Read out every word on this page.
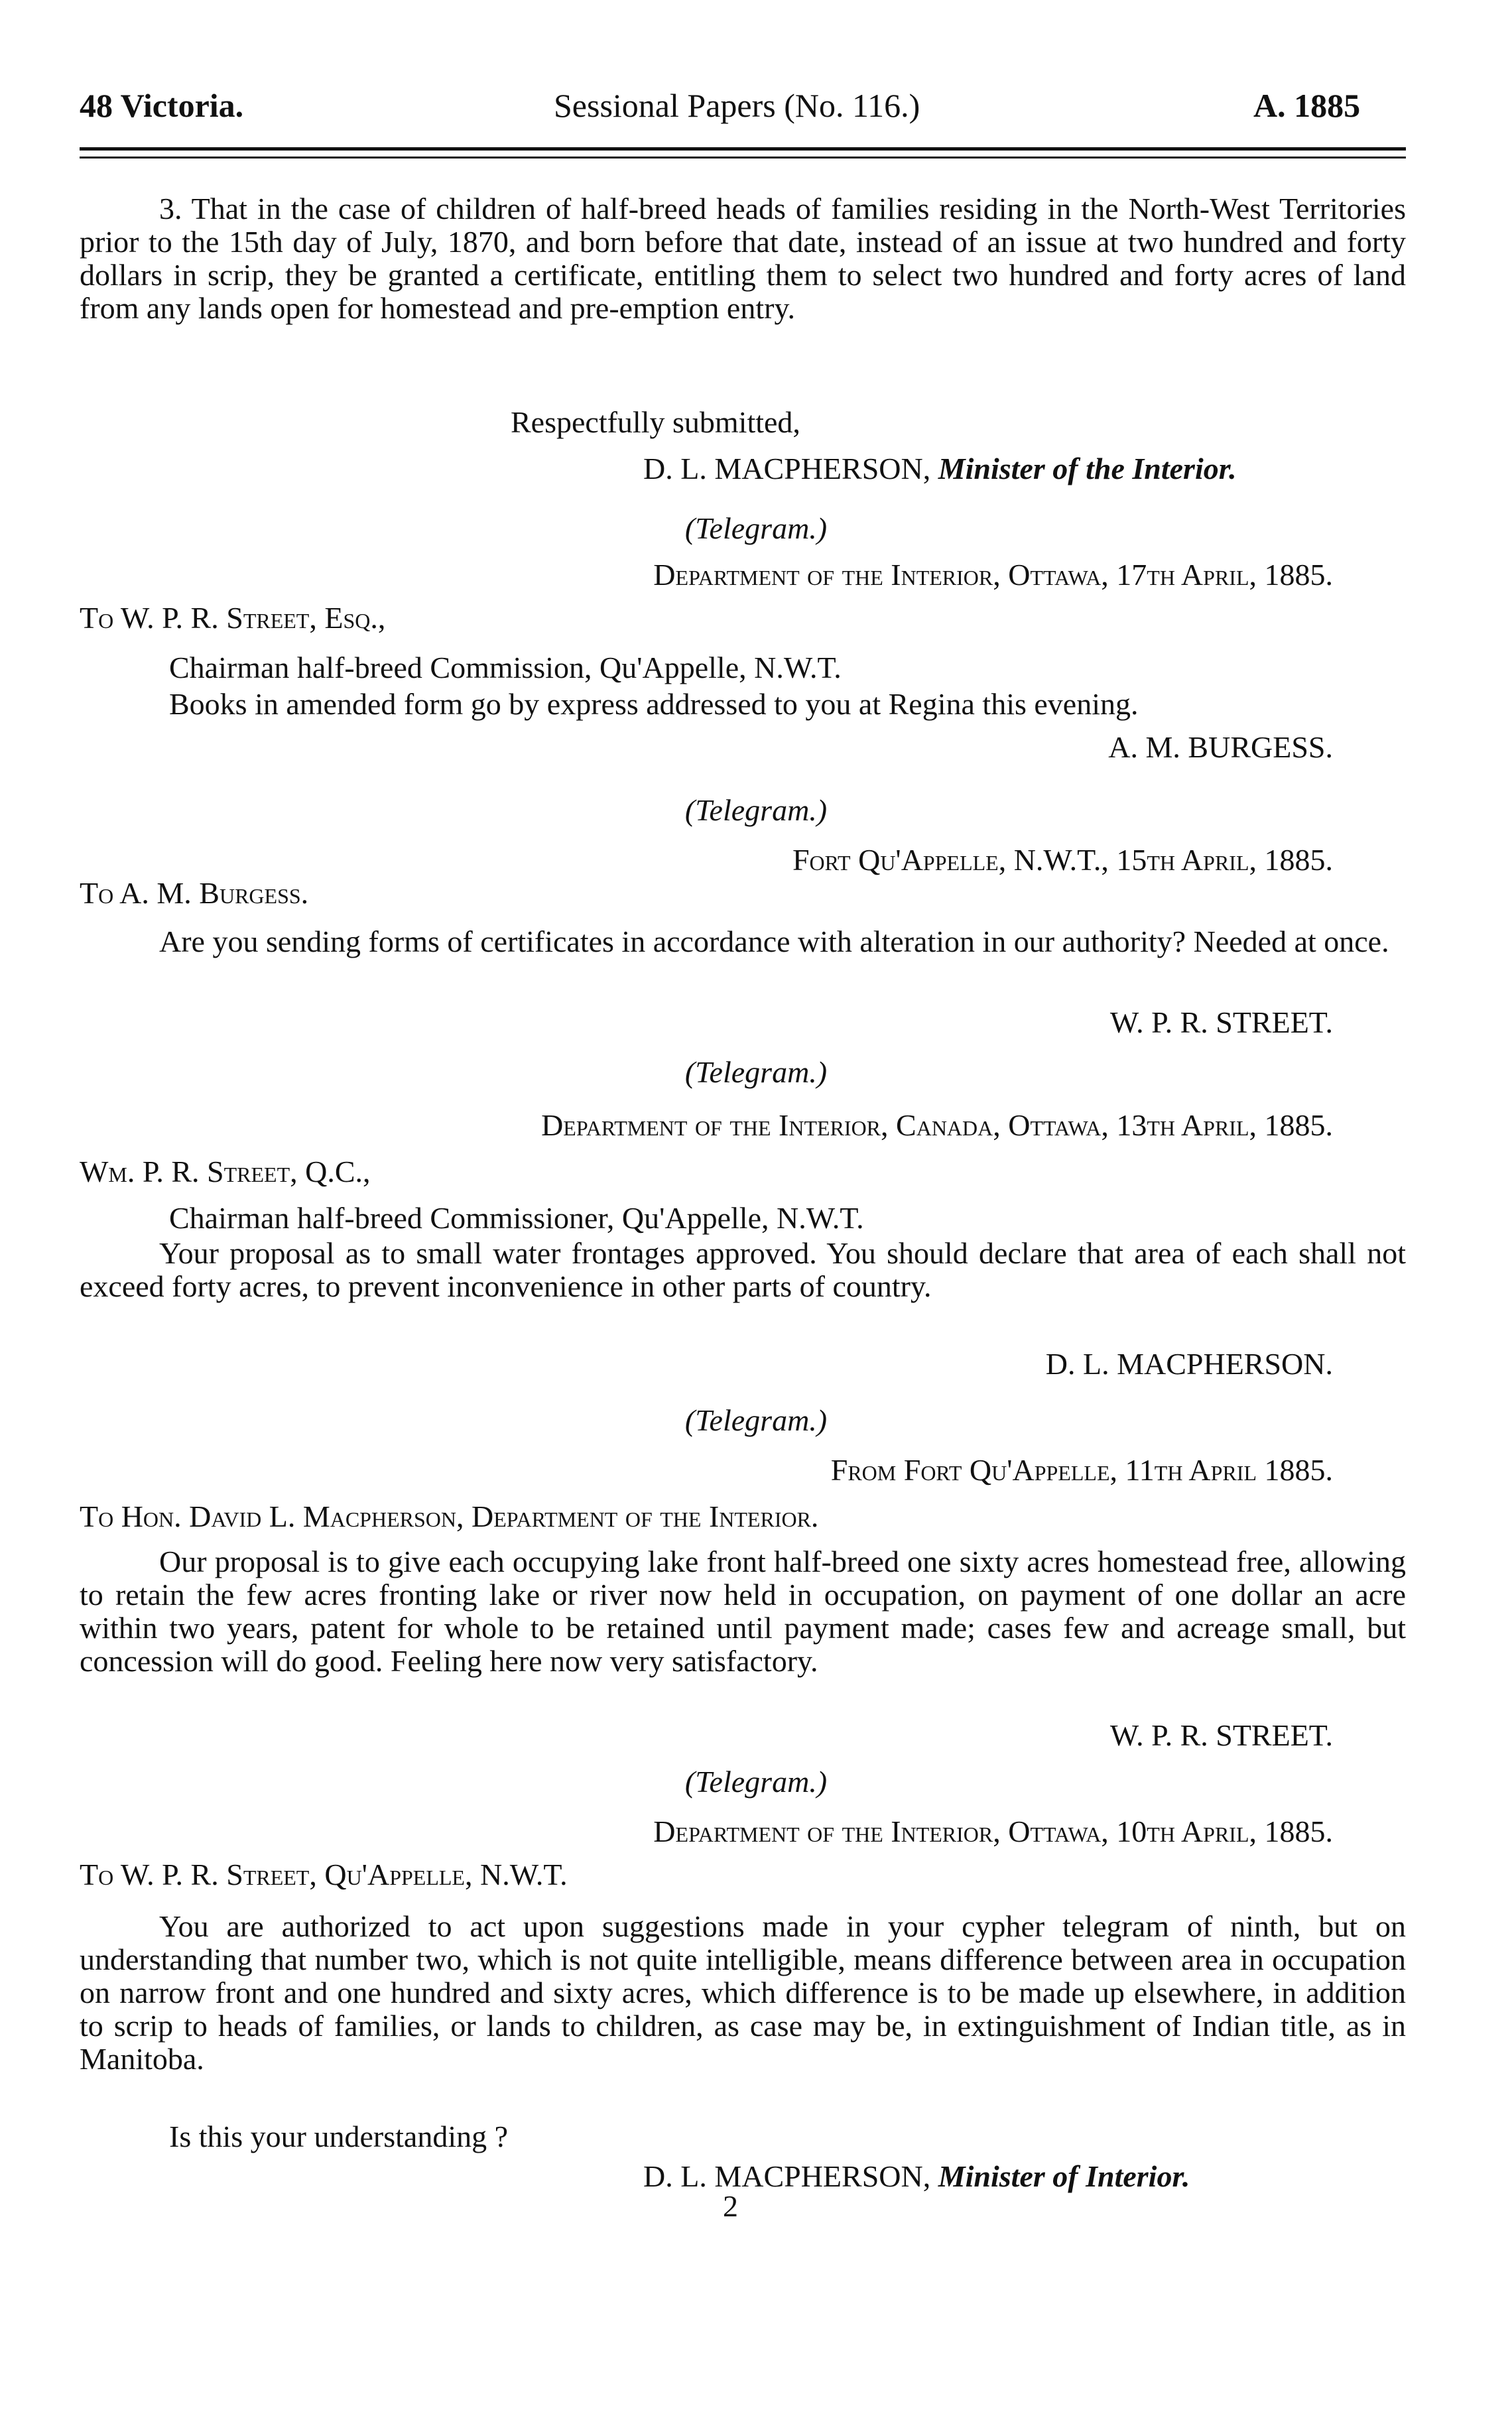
48 Victoria.	Sessional Papers (No. 116.)	A. 1885
3. That in the case of children of half-breed heads of families residing in the North-West Territories prior to the 15th day of July, 1870, and born before that date, instead of an issue at two hundred and forty dollars in scrip, they be granted a certificate, entitling them to select two hundred and forty acres of land from any lands open for homestead and pre-emption entry.
Respectfully submitted,
D. L. MACPHERSON, Minister of the Interior.
(Telegram.)
Department of the Interior, Ottawa, 17th April, 1885.
To W. P. R. Street, Esq.,
Chairman half-breed Commission, Qu'Appelle, N.W.T.
Books in amended form go by express addressed to you at Regina this evening.
A. M. BURGESS.
(Telegram.)
Fort Qu'Appelle, N.W.T., 15th April, 1885.
To A. M. Burgess.
Are you sending forms of certificates in accordance with alteration in our authority? Needed at once.
W. P. R. STREET.
(Telegram.)
Department of the Interior, Canada, Ottawa, 13th April, 1885.
Wm. P. R. Street, Q.C.,
Chairman half-breed Commissioner, Qu'Appelle, N.W.T.
Your proposal as to small water frontages approved. You should declare that area of each shall not exceed forty acres, to prevent inconvenience in other parts of country.
D. L. MACPHERSON.
(Telegram.)
From Fort Qu'Appelle, 11th April 1885.
To Hon. David L. Macpherson, Department of the Interior.
Our proposal is to give each occupying lake front half-breed one sixty acres homestead free, allowing to retain the few acres fronting lake or river now held in occupation, on payment of one dollar an acre within two years, patent for whole to be retained until payment made; cases few and acreage small, but concession will do good. Feeling here now very satisfactory.
W. P. R. STREET.
(Telegram.)
Department of the Interior, Ottawa, 10th April, 1885.
To W. P. R. Street, Qu'Appelle, N.W.T.
You are authorized to act upon suggestions made in your cypher telegram of ninth, but on understanding that number two, which is not quite intelligible, means difference between area in occupation on narrow front and one hundred and sixty acres, which difference is to be made up elsewhere, in addition to scrip to heads of families, or lands to children, as case may be, in extinguishment of Indian title, as in Manitoba.
Is this your understanding ?
D. L. MACPHERSON, Minister of Interior.
2
